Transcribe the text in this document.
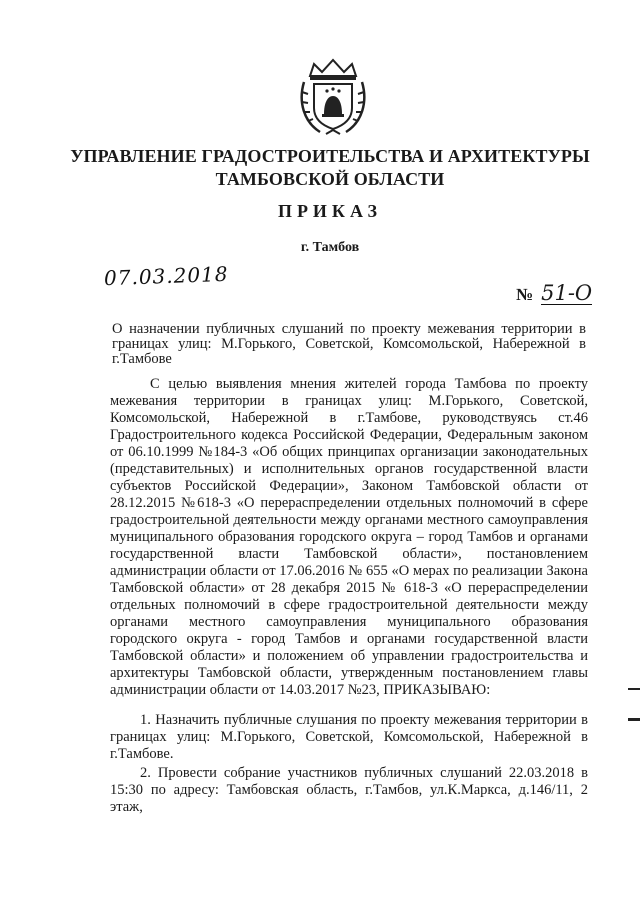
УПРАВЛЕНИЕ ГРАДОСТРОИТЕЛЬСТВА И АРХИТЕКТУРЫ ТАМБОВСКОЙ ОБЛАСТИ
ПРИКАЗ
г. Тамбов
07.03.2018
№ 51-О
О назначении публичных слушаний по проекту межевания территории в границах улиц: М.Горького, Советской, Комсомольской, Набережной в г.Тамбове
С целью выявления мнения жителей города Тамбова по проекту межевания территории в границах улиц: М.Горького, Советской, Комсомольской, Набережной в г.Тамбове, руководствуясь ст.46 Градостроительного кодекса Российской Федерации, Федеральным законом от 06.10.1999 №184-3 «Об общих принципах организации законодательных (представительных) и исполнительных органов государственной власти субъектов Российской Федерации», Законом Тамбовской области от 28.12.2015 №618-3 «О перераспределении отдельных полномочий в сфере градостроительной деятельности между органами местного самоуправления муниципального образования городского округа – город Тамбов и органами государственной власти Тамбовской области», постановлением администрации области от 17.06.2016 № 655 «О мерах по реализации Закона Тамбовской области» от 28 декабря 2015 № 618-3 «О перераспределении отдельных полномочий в сфере градостроительной деятельности между органами местного самоуправления муниципального образования городского округа - город Тамбов и органами государственной власти Тамбовской области» и положением об управлении градостроительства и архитектуры Тамбовской области, утвержденным постановлением главы администрации области от 14.03.2017 №23, ПРИКАЗЫВАЮ:
1. Назначить публичные слушания по проекту межевания территории в границах улиц: М.Горького, Советской, Комсомольской, Набережной в г.Тамбове.
2. Провести собрание участников публичных слушаний 22.03.2018 в 15:30 по адресу: Тамбовская область, г.Тамбов, ул.К.Маркса, д.146/11, 2 этаж,
